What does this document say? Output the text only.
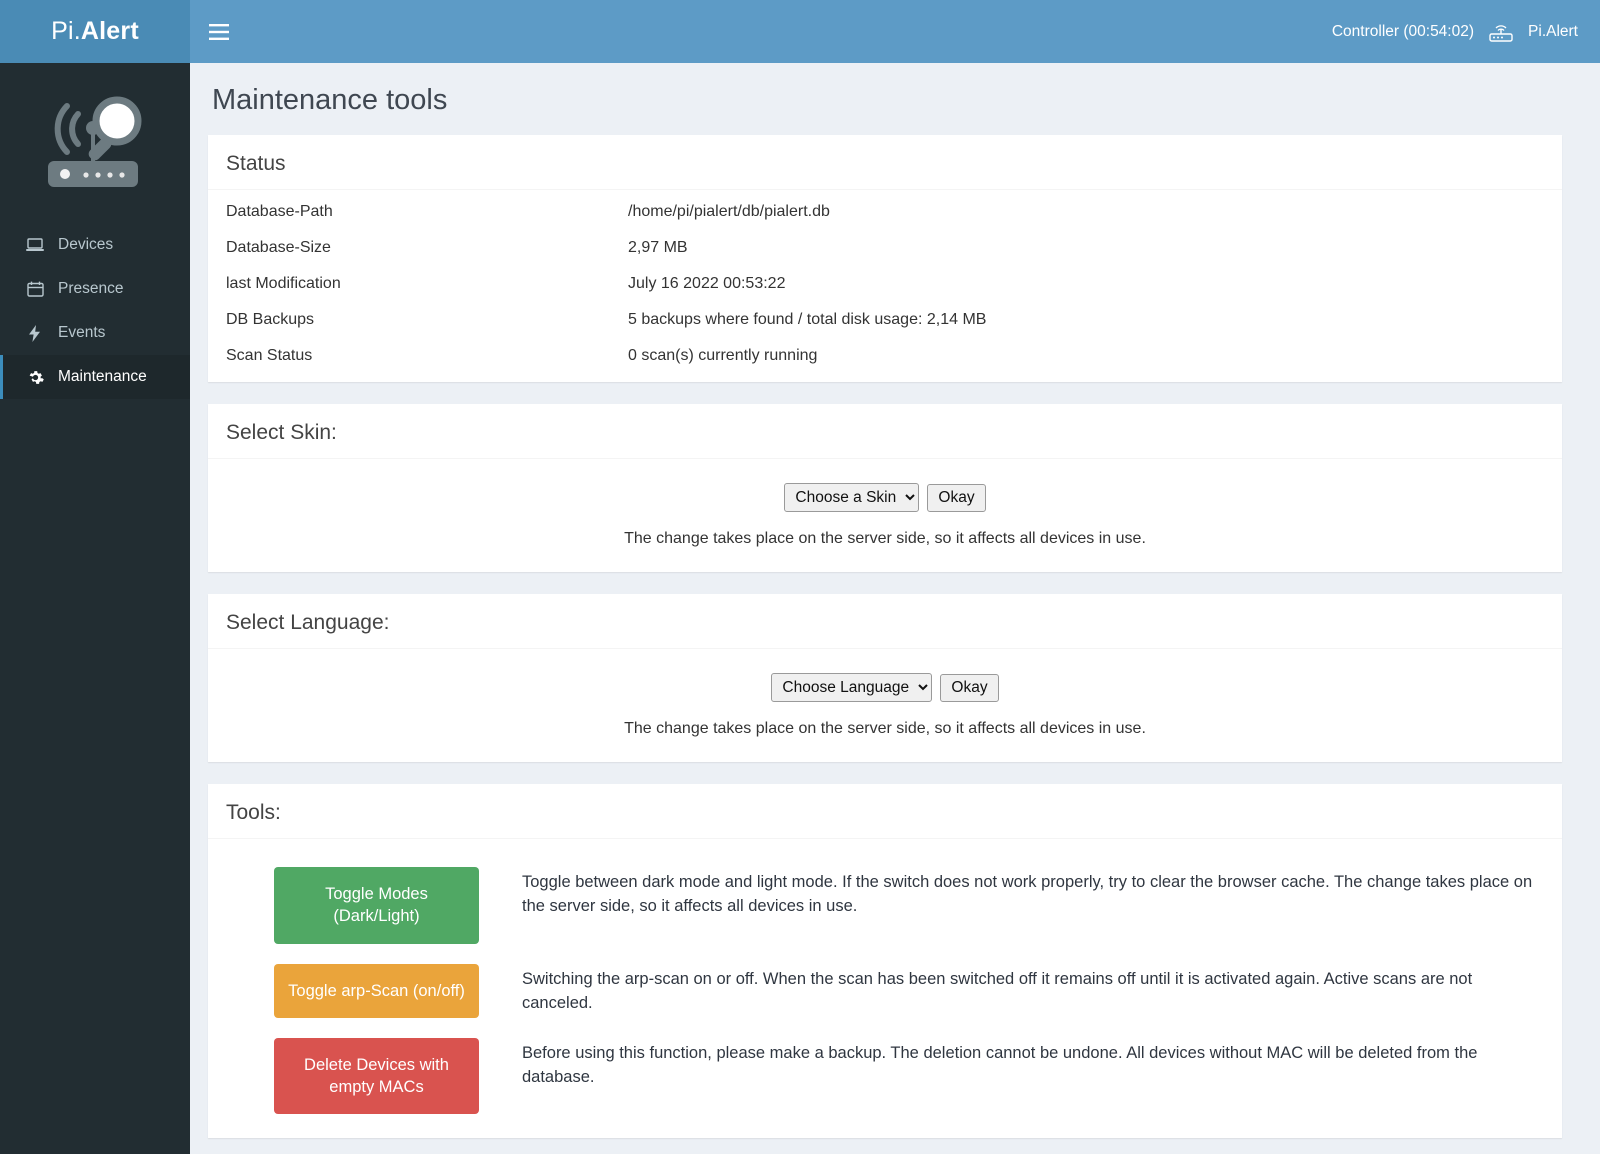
Pi. Alert	Controller (00:54:02)	Pi.Alert
Devices
Presence
Events
Maintenance
Maintenance tools
Status
Database-Path	/home/pi/pialert/db/pialert.db
Database-Size	2,97 MB
last Modification	July 16 2022 00:53:22
DB Backups	5 backups where found / total disk usage: 2,14 MB
Scan Status	0 scan(s) currently running
Select Skin:
Choose a Skin
Okay
The change takes place on the server side, so it affects all devices in use.
Select Language:
Choose Language
Okay
The change takes place on the server side, so it affects all devices in use.
Tools:
Toggle Modes (Dark/Light)
Toggle between dark mode and light mode. If the switch does not work properly, try to clear the browser cache. The change takes place on the server side, so it affects all devices in use.
Toggle arp-Scan (on/off)
Switching the arp-scan on or off. When the scan has been switched off it remains off until it is activated again. Active scans are not canceled.
Delete Devices with empty MACs
Before using this function, please make a backup. The deletion cannot be undone. All devices without MAC will be deleted from the database.
